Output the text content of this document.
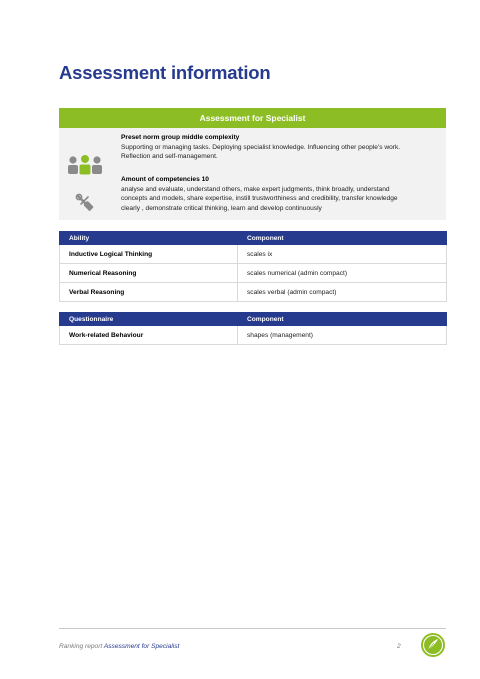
Assessment information
Assessment for Specialist
Preset norm group middle complexity
Supporting or managing tasks. Deploying specialist knowledge. Influencing other people's work.
Reflection and self-management.
Amount of competencies 10
analyse and evaluate, understand others, make expert judgments, think broadly, understand
concepts and models, share expertise, instill trustworthiness and credibility, transfer knowledge
clearly , demonstrate critical thinking, learn and develop continuously
Ability	Component
Inductive Logical Thinking	scales ix
Numerical Reasoning	scales numerical (admin compact)
Verbal Reasoning	scales verbal (admin compact)
Questionnaire	Component
Work-related Behaviour	shapes (management)
Ranking report Assessment for Specialist	2
